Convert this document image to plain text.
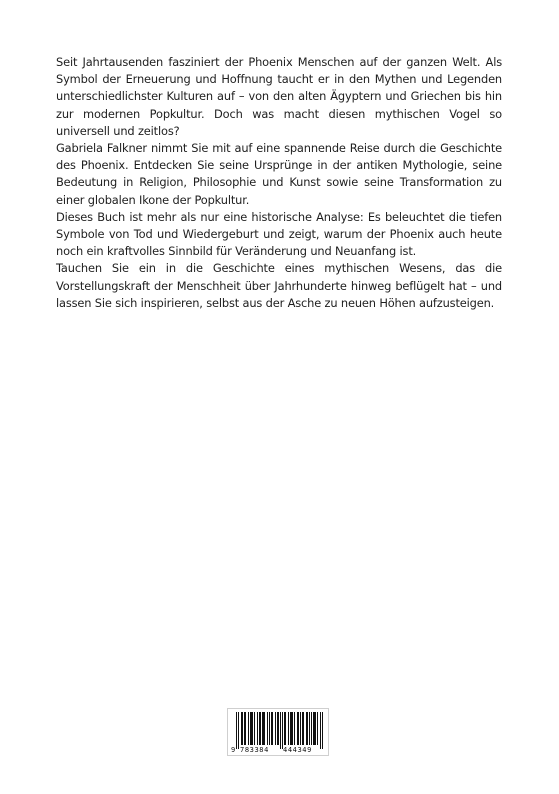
Seit Jahrtausenden fasziniert der Phoenix Menschen auf der ganzen Welt. Als Symbol der Erneuerung und Hoffnung taucht er in den Mythen und Legenden unterschiedlichster Kulturen auf – von den alten Ägyptern und Griechen bis hin zur modernen Popkultur. Doch was macht diesen mythischen Vogel so universell und zeitlos?

Gabriela Falkner nimmt Sie mit auf eine spannende Reise durch die Geschichte des Phoenix. Entdecken Sie seine Ursprünge in der antiken Mythologie, seine Bedeutung in Religion, Philosophie und Kunst sowie seine Transformation zu einer globalen Ikone der Popkultur.

Dieses Buch ist mehr als nur eine historische Analyse: Es beleuchtet die tiefen Symbole von Tod und Wiedergeburt und zeigt, warum der Phoenix auch heute noch ein kraftvolles Sinnbild für Veränderung und Neuanfang ist.

Tauchen Sie ein in die Geschichte eines mythischen Wesens, das die Vorstellungskraft der Menschheit über Jahrhunderte hinweg beflügelt hat – und lassen Sie sich inspirieren, selbst aus der Asche zu neuen Höhen aufzusteigen.

9 783384 444349
